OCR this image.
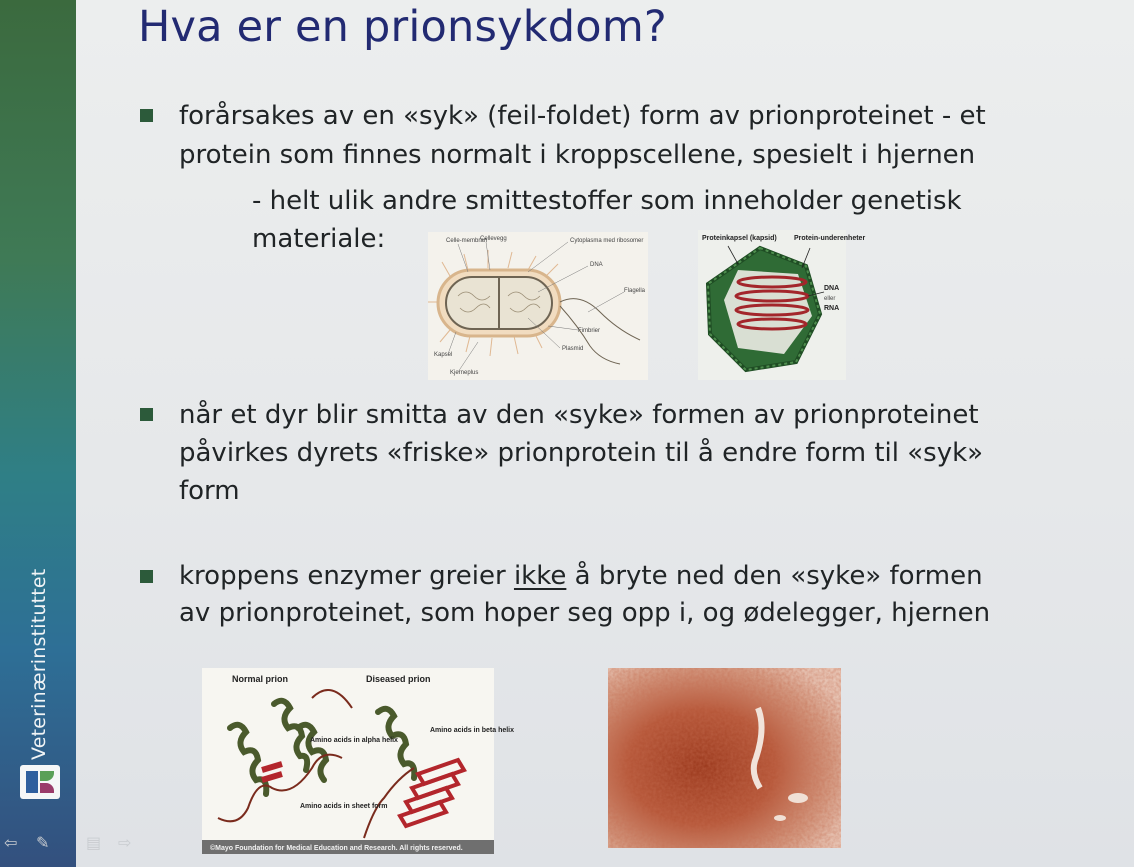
Veterinærinstituttet
⇦	✎	▤	⇨
Hva er en prionsykdom?
forårsakes av en «syk» (feil-foldet) form av prionproteinet - et
protein som finnes normalt i kroppscellene, spesielt i hjernen
- helt ulik andre smittestoffer som inneholder genetisk
materiale:	Celle-membran
Cellevegg	Cytoplasma med ribosomer
DNA
Flagella
Fimbrier
Plasmid
Kapsel
Kjerneplus
Proteinkapsel (kapsid) Protein-underenheter
DNA
eller
RNA
når et dyr blir smitta av den «syke» formen av prionproteinet
påvirkes dyrets «friske» prionprotein til å endre form til «syk»
form
kroppens enzymer greier ikke å bryte ned den «syke» formen
av prionproteinet, som hoper seg opp i, og ødelegger, hjernen
Normal prion	Diseased prion
Amino acids in alpha helix
Amino acids in sheet form
Amino acids in beta helix
©Mayo Foundation for Medical Education and Research. All rights reserved.
